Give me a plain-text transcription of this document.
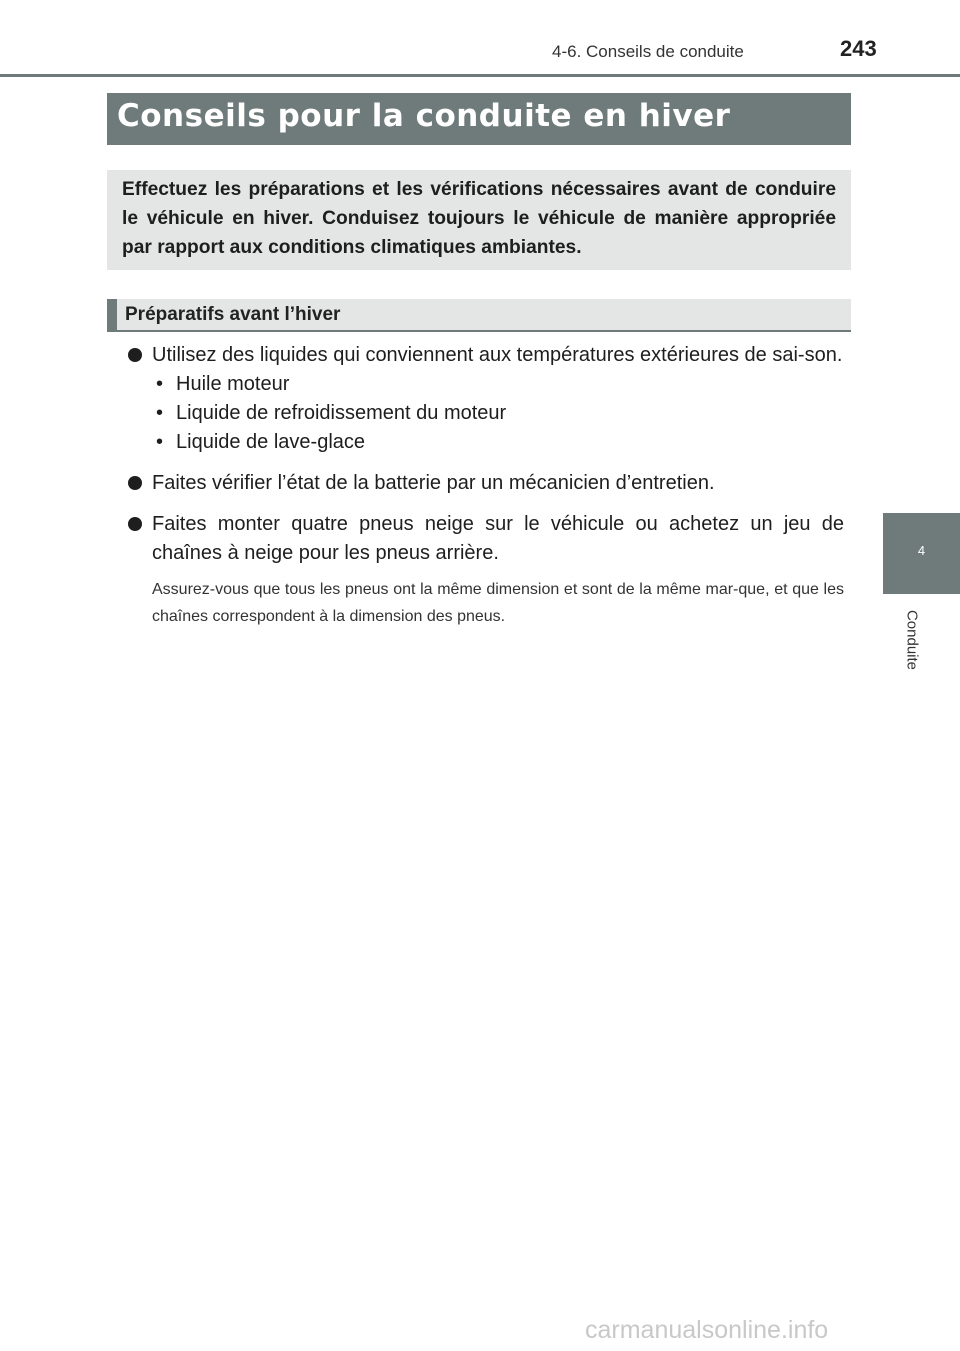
4-6. Conseils de conduite	243
Conseils pour la conduite en hiver

Effectuez les préparations et les vérifications nécessaires avant de conduire le véhicule en hiver. Conduisez toujours le véhicule de manière appropriée par rapport aux conditions climatiques ambiantes.

Préparatifs avant l’hiver
Utilisez des liquides qui conviennent aux températures extérieures de sai-son.
• Huile moteur
• Liquide de refroidissement du moteur
• Liquide de lave-glace
Faites vérifier l’état de la batterie par un mécanicien d’entretien.
Faites monter quatre pneus neige sur le véhicule ou achetez un jeu de chaînes à neige pour les pneus arrière.
Assurez-vous que tous les pneus ont la même dimension et sont de la même mar-que, et que les chaînes correspondent à la dimension des pneus.
4
Conduite
carmanualsonline.info
